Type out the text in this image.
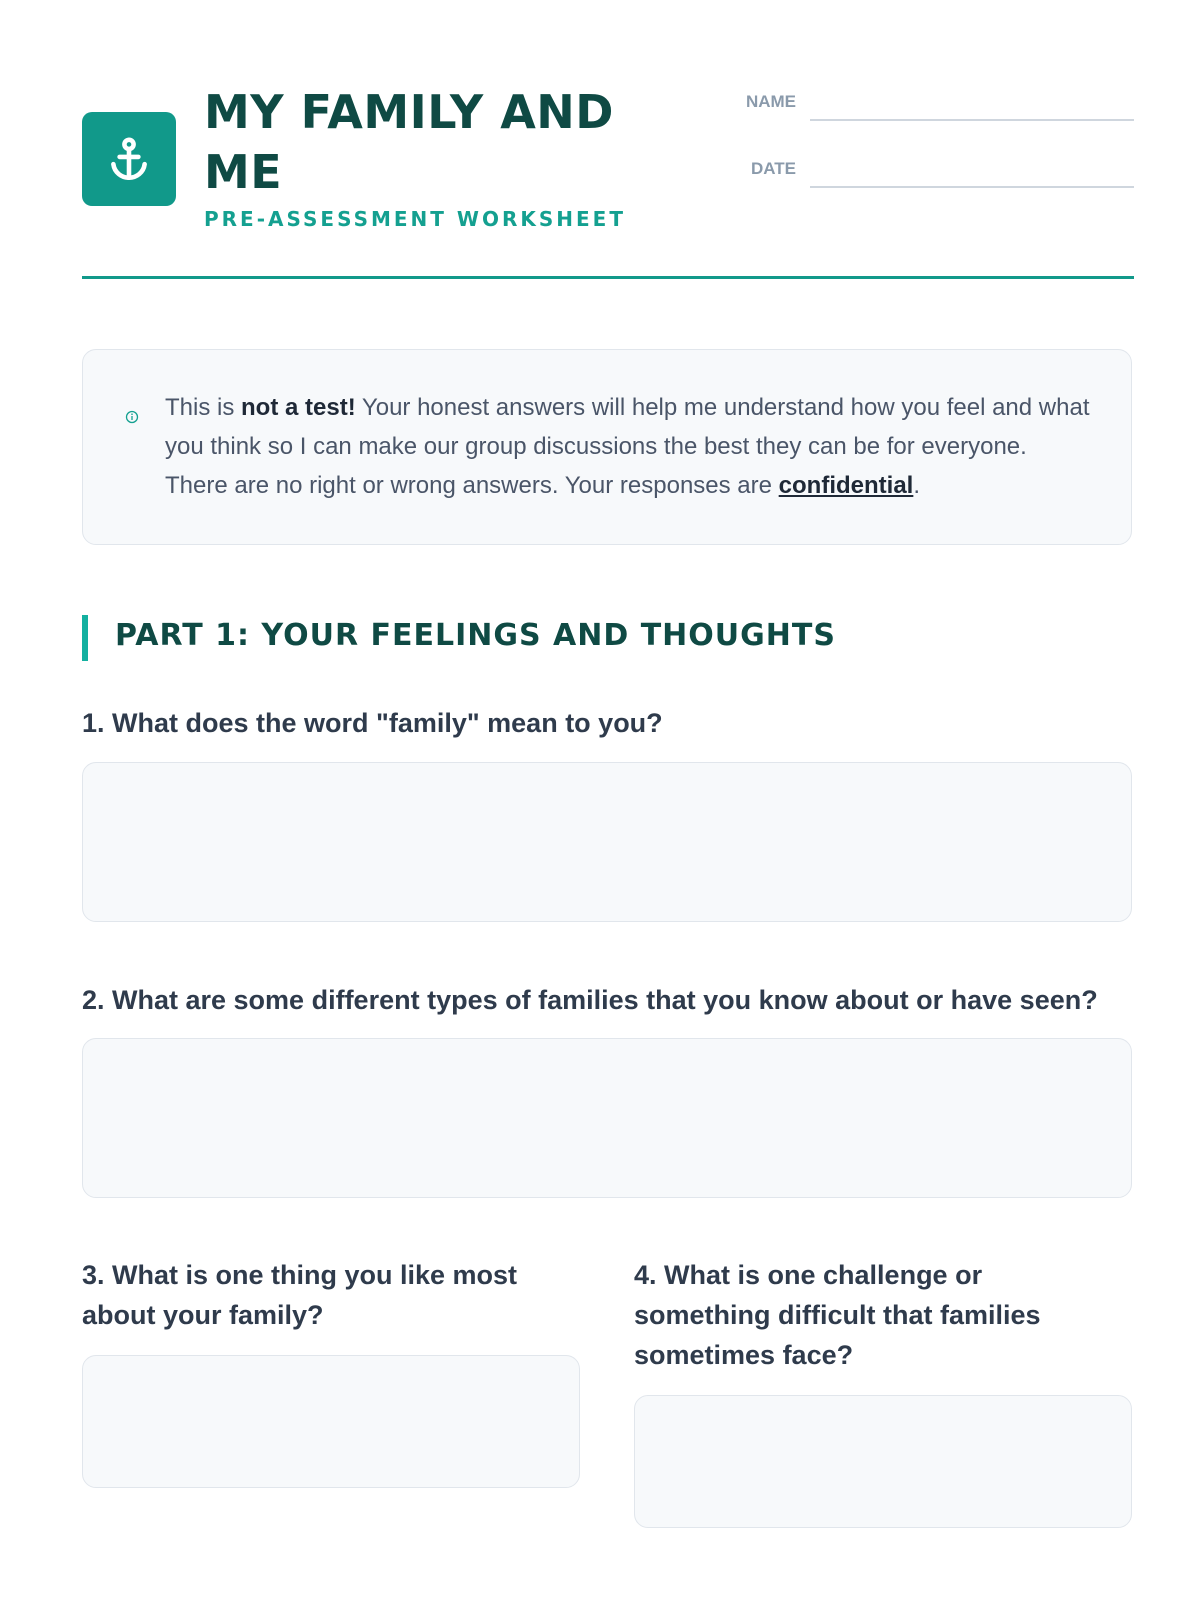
MY FAMILY AND ME
PRE-ASSESSMENT WORKSHEET
NAME
DATE
This is not a test! Your honest answers will help me understand how you feel and what you think so I can make our group discussions the best they can be for everyone. There are no right or wrong answers. Your responses are confidential.
PART 1: YOUR FEELINGS AND THOUGHTS

1. What does the word "family" mean to you?

2. What are some different types of families that you know about or have seen?

3. What is one thing you like most about your family?

4. What is one challenge or something difficult that families sometimes face?
